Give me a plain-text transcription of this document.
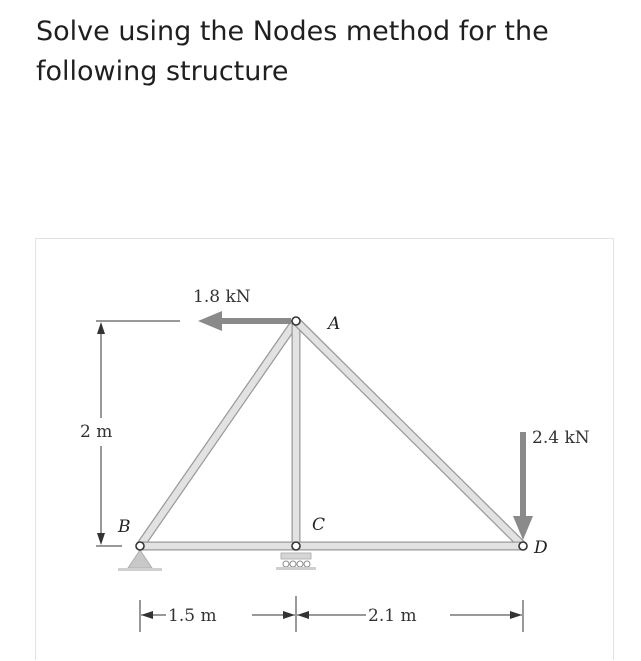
Solve using the Nodes method for the
following structure
A
B	C
D
1.8 kN
2.4 kN
2 m
1.5 m	2.1 m
